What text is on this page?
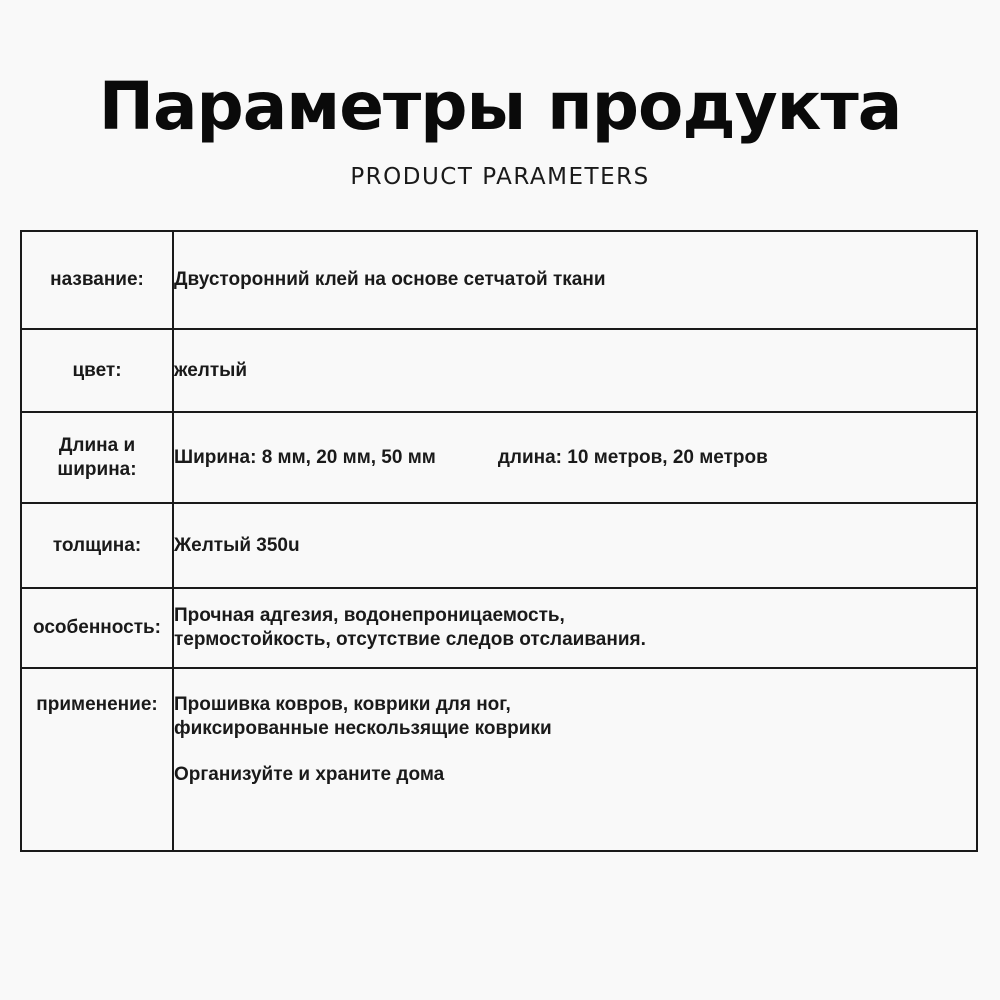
Параметры продукта
PRODUCT PARAMETERS
название:	Двусторонний клей на основе сетчатой ткани
цвет:	желтый

Длина и
ширина:	Ширина: 8 мм, 20 мм, 50 мм длина: 10 метров, 20 метров
толщина:	Желтый 350u
особенность:	Прочная адгезия, водонепроницаемость,
термостойкость, отсутствие следов отслаивания.

применение:	Прошивка ковров, коврики для ног,
фиксированные нескользящие коврики
Организуйте и храните дома
